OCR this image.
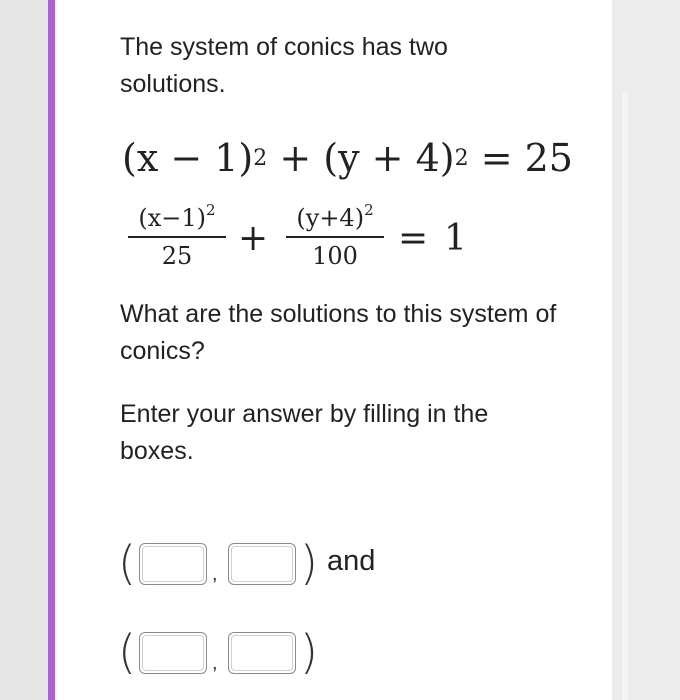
The system of conics has two solutions.
$(x - 1)^2 + (y + 4)^2 = 25$
$(x-1)^2$
25	+	$(y+4)^2$
100	= 1
What are the solutions to this system of conics?
Enter your answer by filling in the boxes.
(	, ) and
(	, )
